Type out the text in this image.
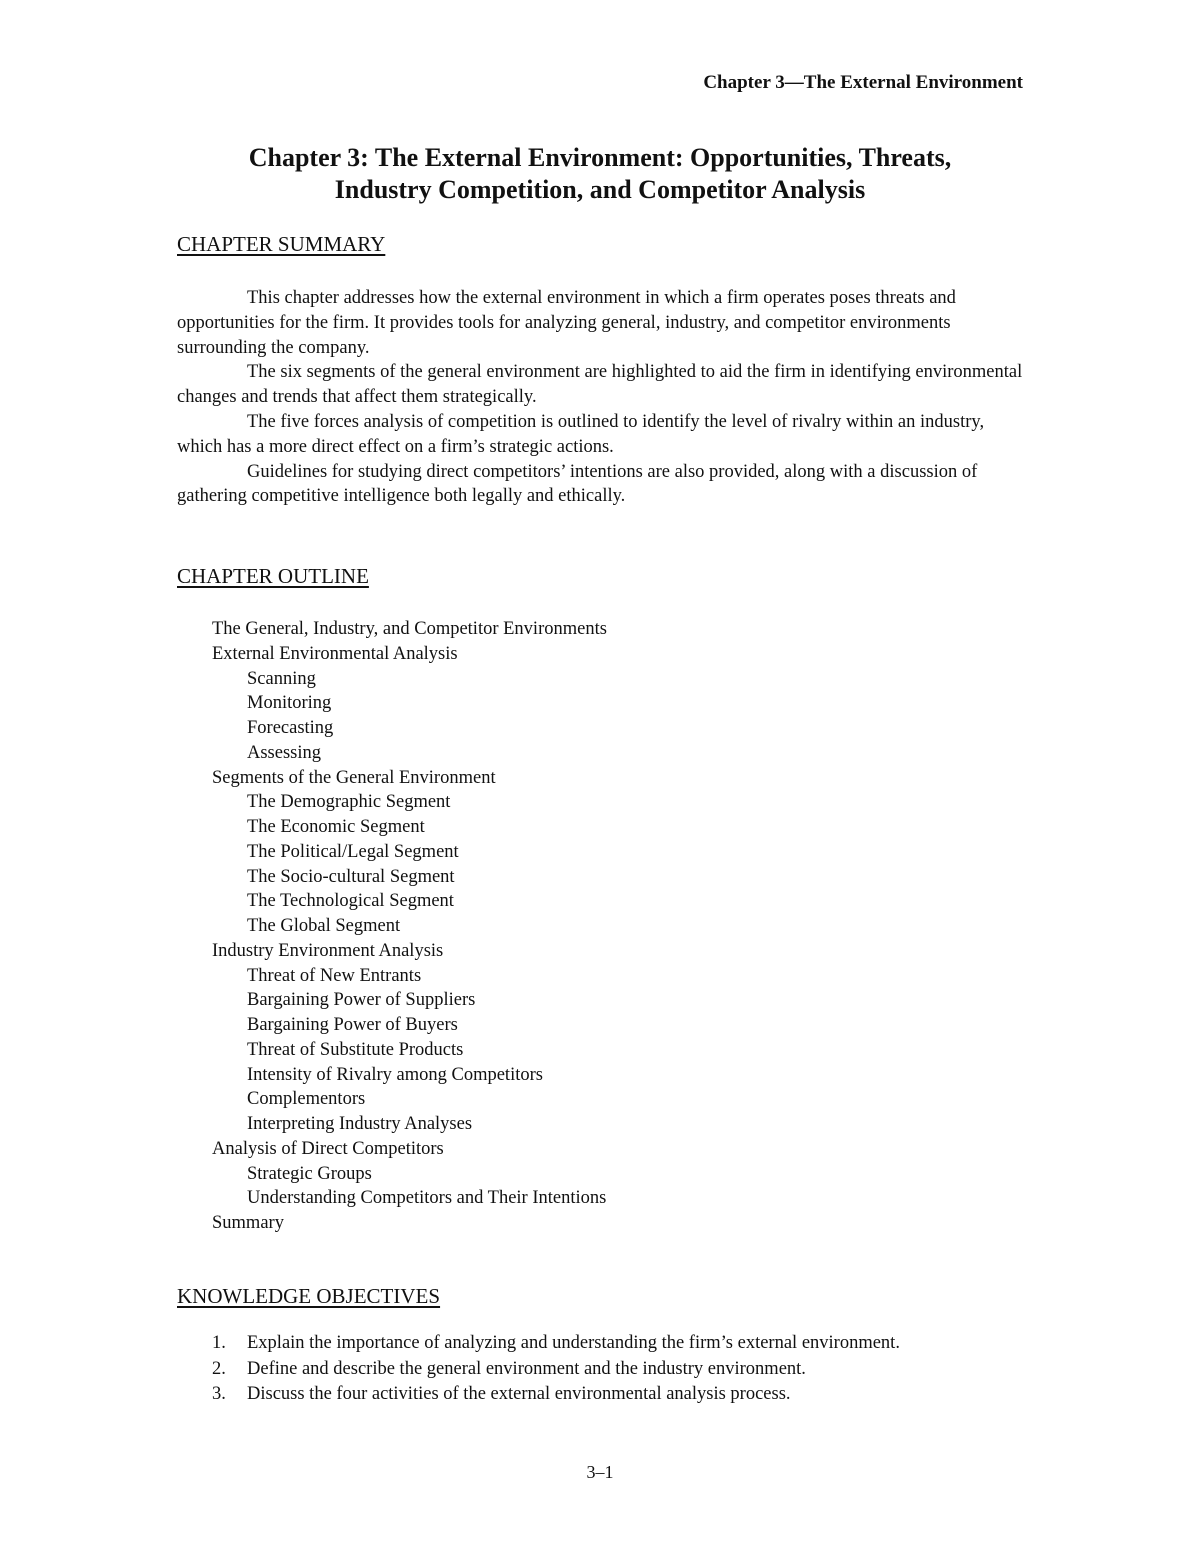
Chapter 3—The External Environment
Chapter 3: The External Environment: Opportunities, Threats,
Industry Competition, and Competitor Analysis
CHAPTER SUMMARY

This chapter addresses how the external environment in which a firm operates poses threats and opportunities for the firm. It provides tools for analyzing general, industry, and competitor environments surrounding the company.

The six segments of the general environment are highlighted to aid the firm in identifying environmental changes and trends that affect them strategically.

The five forces analysis of competition is outlined to identify the level of rivalry within an industry, which has a more direct effect on a firm’s strategic actions.

Guidelines for studying direct competitors’ intentions are also provided, along with a discussion of gathering competitive intelligence both legally and ethically.

CHAPTER OUTLINE
The General, Industry, and Competitor Environments
External Environmental Analysis
Scanning
Monitoring
Forecasting
Assessing
Segments of the General Environment
The Demographic Segment
The Economic Segment
The Political/Legal Segment
The Socio-cultural Segment
The Technological Segment
The Global Segment
Industry Environment Analysis
Threat of New Entrants
Bargaining Power of Suppliers
Bargaining Power of Buyers
Threat of Substitute Products
Intensity of Rivalry among Competitors
Complementors
Interpreting Industry Analyses
Analysis of Direct Competitors
Strategic Groups
Understanding Competitors and Their Intentions
Summary
KNOWLEDGE OBJECTIVES
1. Explain the importance of analyzing and understanding the firm’s external environment.
2. Define and describe the general environment and the industry environment.
3. Discuss the four activities of the external environmental analysis process.
3–1
